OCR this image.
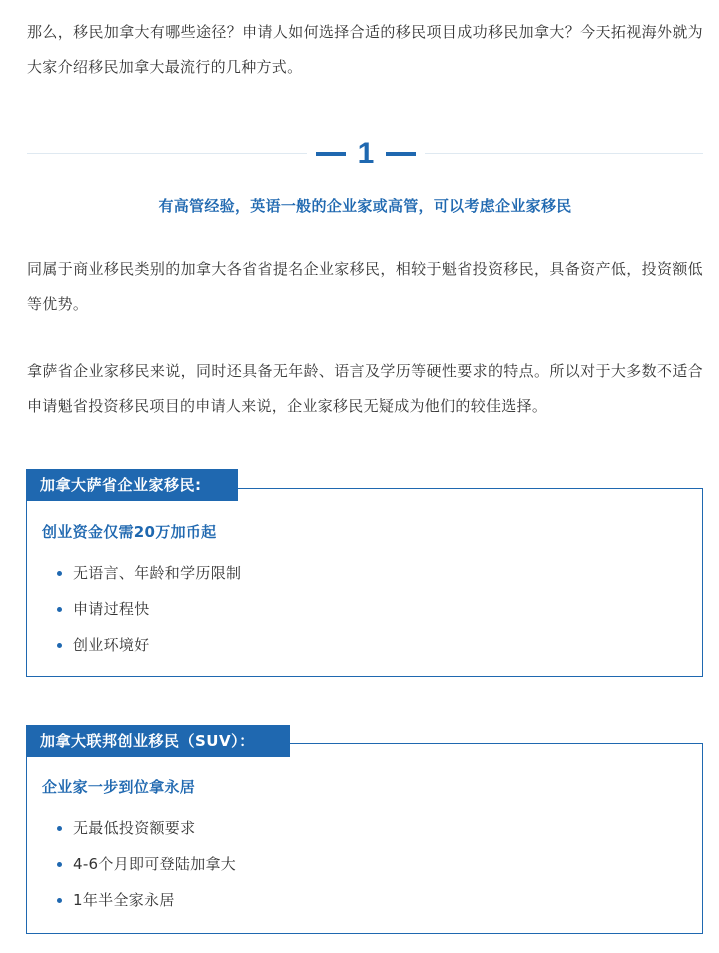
那么，移民加拿大有哪些途径？申请人如何选择合适的移民项目成功移民加拿大？今天拓视海外就为大家介绍移民加拿大最流行的几种方式。

1

有高管经验，英语一般的企业家或高管，可以考虑企业家移民

同属于商业移民类别的加拿大各省省提名企业家移民，相较于魁省投资移民，具备资产低，投资额低等优势。

拿萨省企业家移民来说，同时还具备无年龄、语言及学历等硬性要求的特点。所以对于大多数不适合申请魁省投资移民项目的申请人来说，企业家移民无疑成为他们的较佳选择。

创业资金仅需20万加币起

无语言、年龄和学历限制
申请过程快
创业环境好
加拿大萨省企业家移民:

企业家一步到位拿永居

无最低投资额要求
4-6个月即可登陆加拿大
1年半全家永居
加拿大联邦创业移民（SUV）：
